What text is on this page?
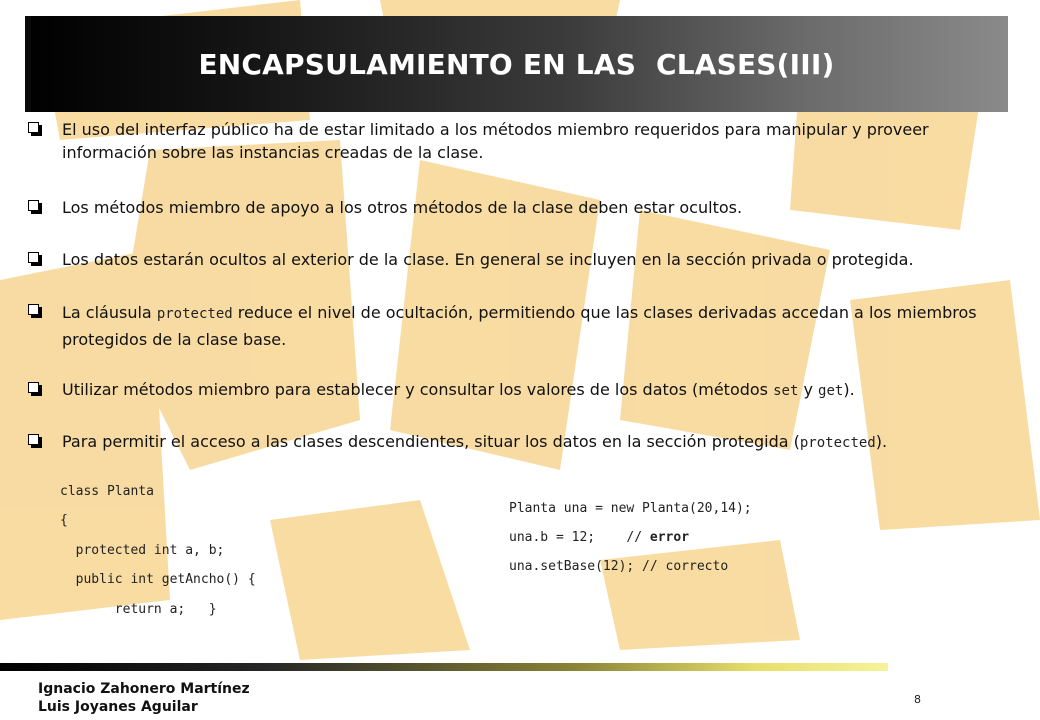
ENCAPSULAMIENTO EN LAS  CLASES(III)
El uso del interfaz público ha de estar limitado a los métodos miembro requeridos para manipular y proveer información sobre las instancias creadas de la clase.
Los métodos miembro de apoyo a los otros métodos de la clase deben estar ocultos.
Los datos estarán ocultos al exterior de la clase. En general se incluyen en la sección privada o protegida.
La cláusula protected reduce el nivel de ocultación, permitiendo que las clases derivadas accedan a los miembros protegidos de la clase base.
Utilizar métodos miembro para establecer y consultar los valores de los datos (métodos set y get).
Para permitir el acceso a las clases descendientes, situar los datos en la sección protegida (protected).
class Planta
{
protected int a, b;
public int getAncho() {
return a;   }
Planta una = new Planta(20,14);
una.b = 12;    // error
una.setBase(12); // correcto
Ignacio Zahonero Martínez
Luis Joyanes Aguilar	8
